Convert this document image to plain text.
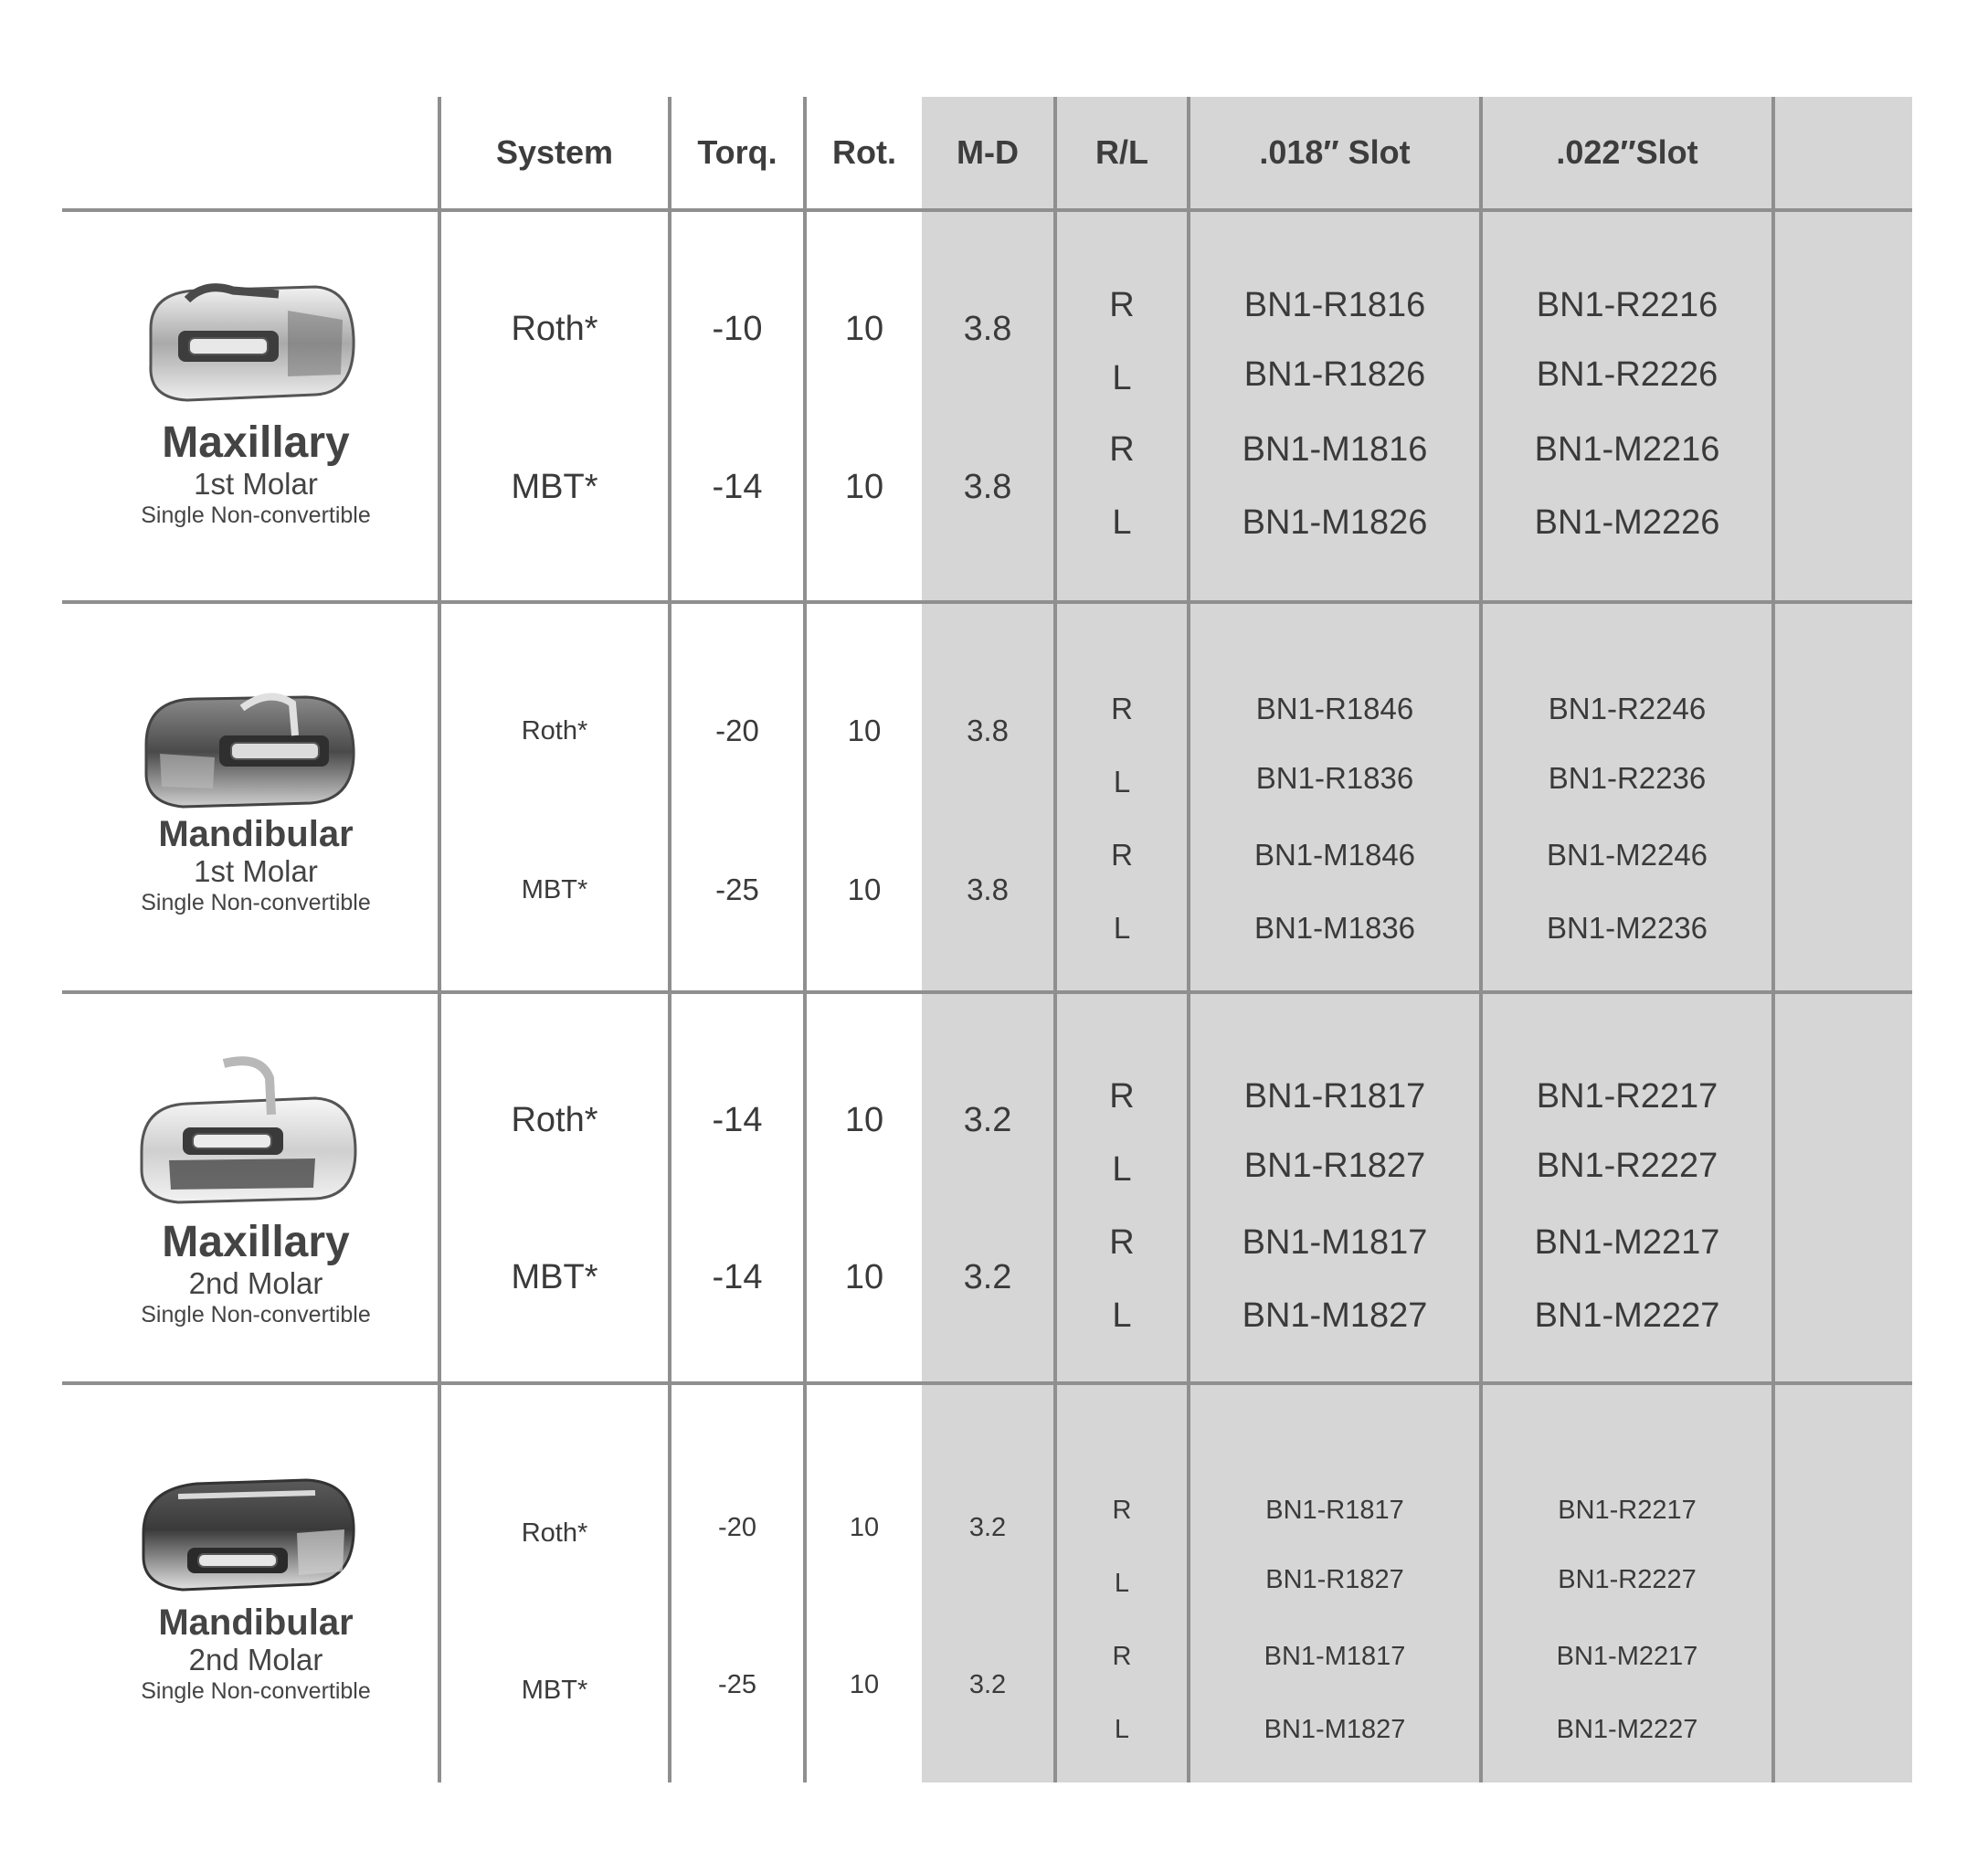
System	Torq.	Rot.	M-D	R/L	.018″ Slot	.022″Slot
Maxillary
1st Molar
Single Non-convertible
Roth*	-10	10	3.8
MBT*	-14	10	3.8
R	BN1-R1816	BN1-R2216
L	BN1-R1826	BN1-R2226
R	BN1-M1816	BN1-M2216
L	BN1-M1826	BN1-M2226
Mandibular
1st Molar
Single Non-convertible
Roth*	-20	10	3.8
MBT*	-25	10	3.8
R	BN1-R1846	BN1-R2246
L	BN1-R1836	BN1-R2236
R	BN1-M1846	BN1-M2246
L	BN1-M1836	BN1-M2236
Maxillary
2nd Molar
Single Non-convertible
Roth*	-14	10	3.2
MBT*	-14	10	3.2
R	BN1-R1817	BN1-R2217
L	BN1-R1827	BN1-R2227
R	BN1-M1817	BN1-M2217
L	BN1-M1827	BN1-M2227
Mandibular
2nd Molar
Single Non-convertible
Roth*	-20	10	3.2
MBT*	-25	10	3.2
R	BN1-R1817	BN1-R2217
L	BN1-R1827	BN1-R2227
R	BN1-M1817	BN1-M2217
L	BN1-M1827	BN1-M2227
